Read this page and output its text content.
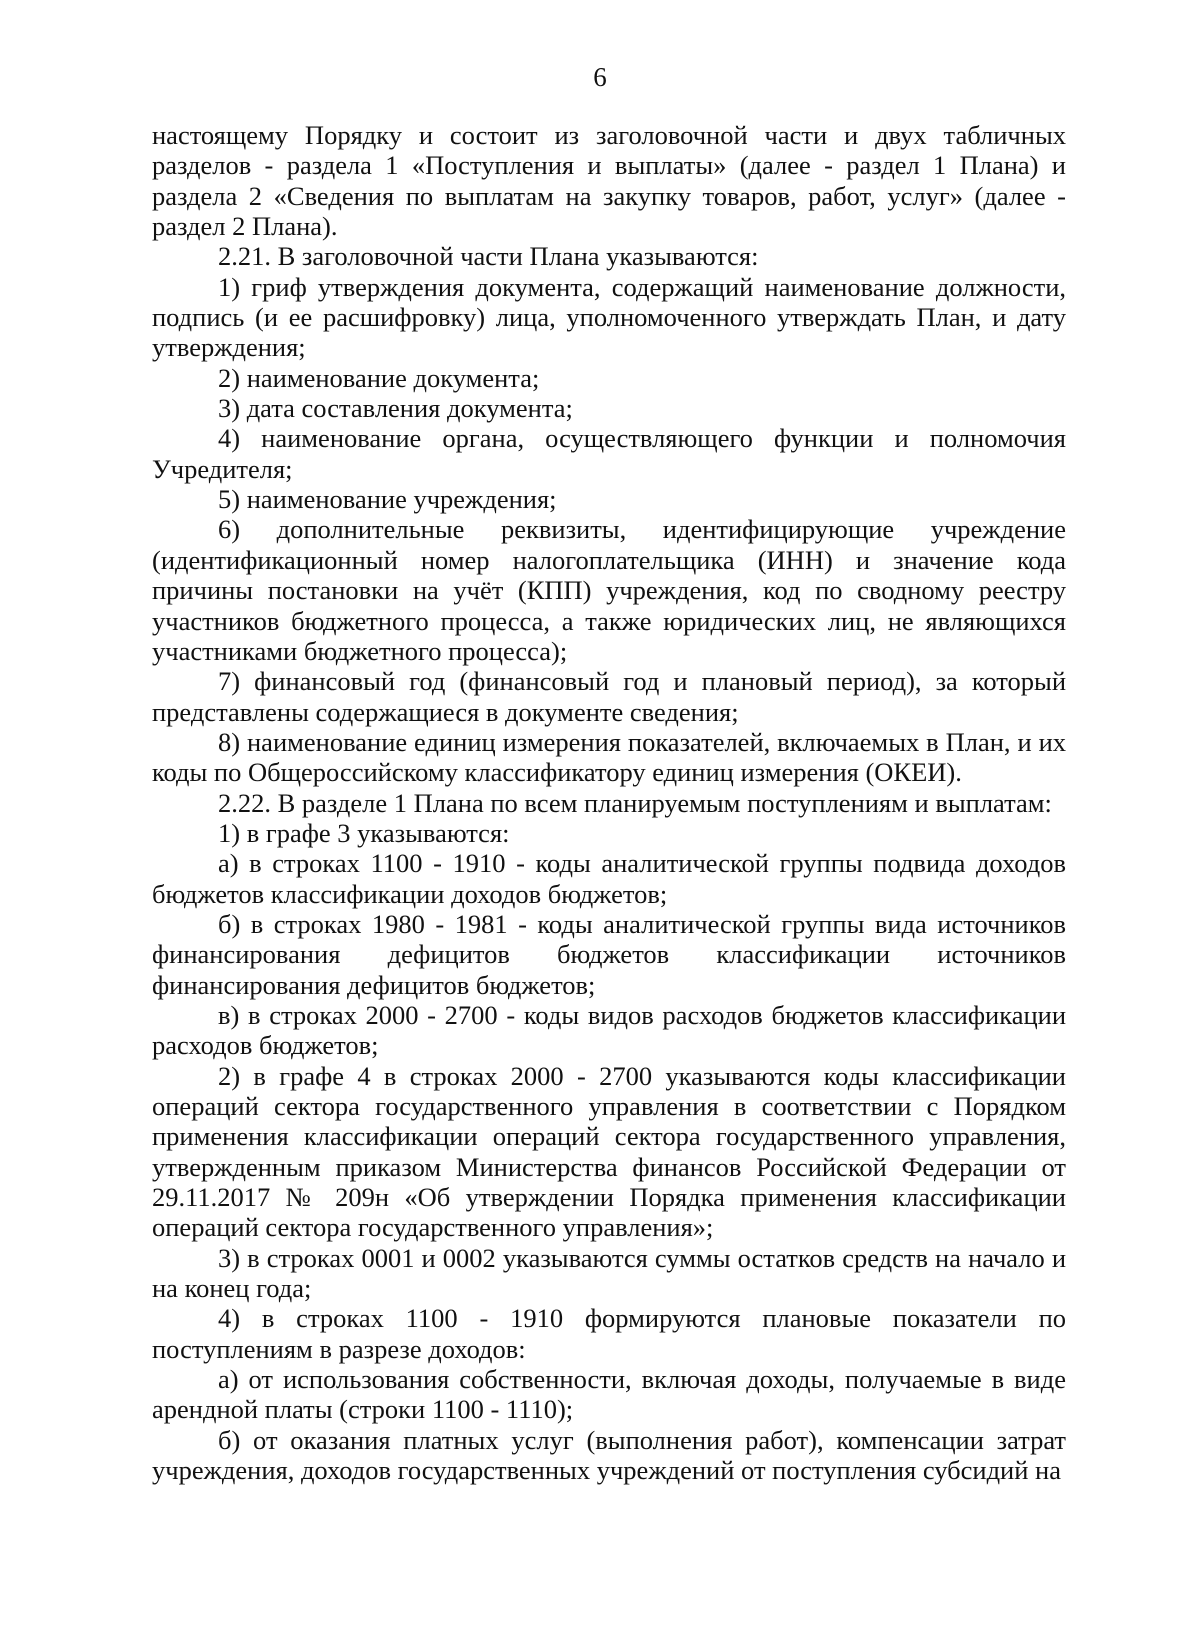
6

настоящему Порядку и состоит из заголовочной части и двух табличных разделов - раздела 1 «Поступления и выплаты» (далее - раздел 1 Плана) и раздела 2 «Сведения по выплатам на закупку товаров, работ, услуг» (далее - раздел 2 Плана).

2.21. В заголовочной части Плана указываются:

1) гриф утверждения документа, содержащий наименование должности, подпись (и ее расшифровку) лица, уполномоченного утверждать План, и дату утверждения;

2) наименование документа;

3) дата составления документа;

4) наименование органа, осуществляющего функции и полномочия Учредителя;

5) наименование учреждения;

6) дополнительные реквизиты, идентифицирующие учреждение (идентификационный номер налогоплательщика (ИНН) и значение кода причины постановки на учёт (КПП) учреждения, код по сводному реестру участников бюджетного процесса, а также юридических лиц, не являющихся участниками бюджетного процесса);

7) финансовый год (финансовый год и плановый период), за который представлены содержащиеся в документе сведения;

8) наименование единиц измерения показателей, включаемых в План, и их коды по Общероссийскому классификатору единиц измерения (ОКЕИ).

2.22. В разделе 1 Плана по всем планируемым поступлениям и выплатам:

1) в графе 3 указываются:

а) в строках 1100 - 1910 - коды аналитической группы подвида доходов бюджетов классификации доходов бюджетов;

б) в строках 1980 - 1981 - коды аналитической группы вида источников финансирования дефицитов бюджетов классификации источников финансирования дефицитов бюджетов;

в) в строках 2000 - 2700 - коды видов расходов бюджетов классификации расходов бюджетов;

2) в графе 4 в строках 2000 - 2700 указываются коды классификации операций сектора государственного управления в соответствии с Порядком применения классификации операций сектора государственного управления, утвержденным приказом Министерства финансов Российской Федерации от 29.11.2017 № 209н «Об утверждении Порядка применения классификации операций сектора государственного управления»;

3) в строках 0001 и 0002 указываются суммы остатков средств на начало и на конец года;

4) в строках 1100 - 1910 формируются плановые показатели по поступлениям в разрезе доходов:

а) от использования собственности, включая доходы, получаемые в виде арендной платы (строки 1100 - 1110);

б) от оказания платных услуг (выполнения работ), компенсации затрат учреждения, доходов государственных учреждений от поступления субсидий на
